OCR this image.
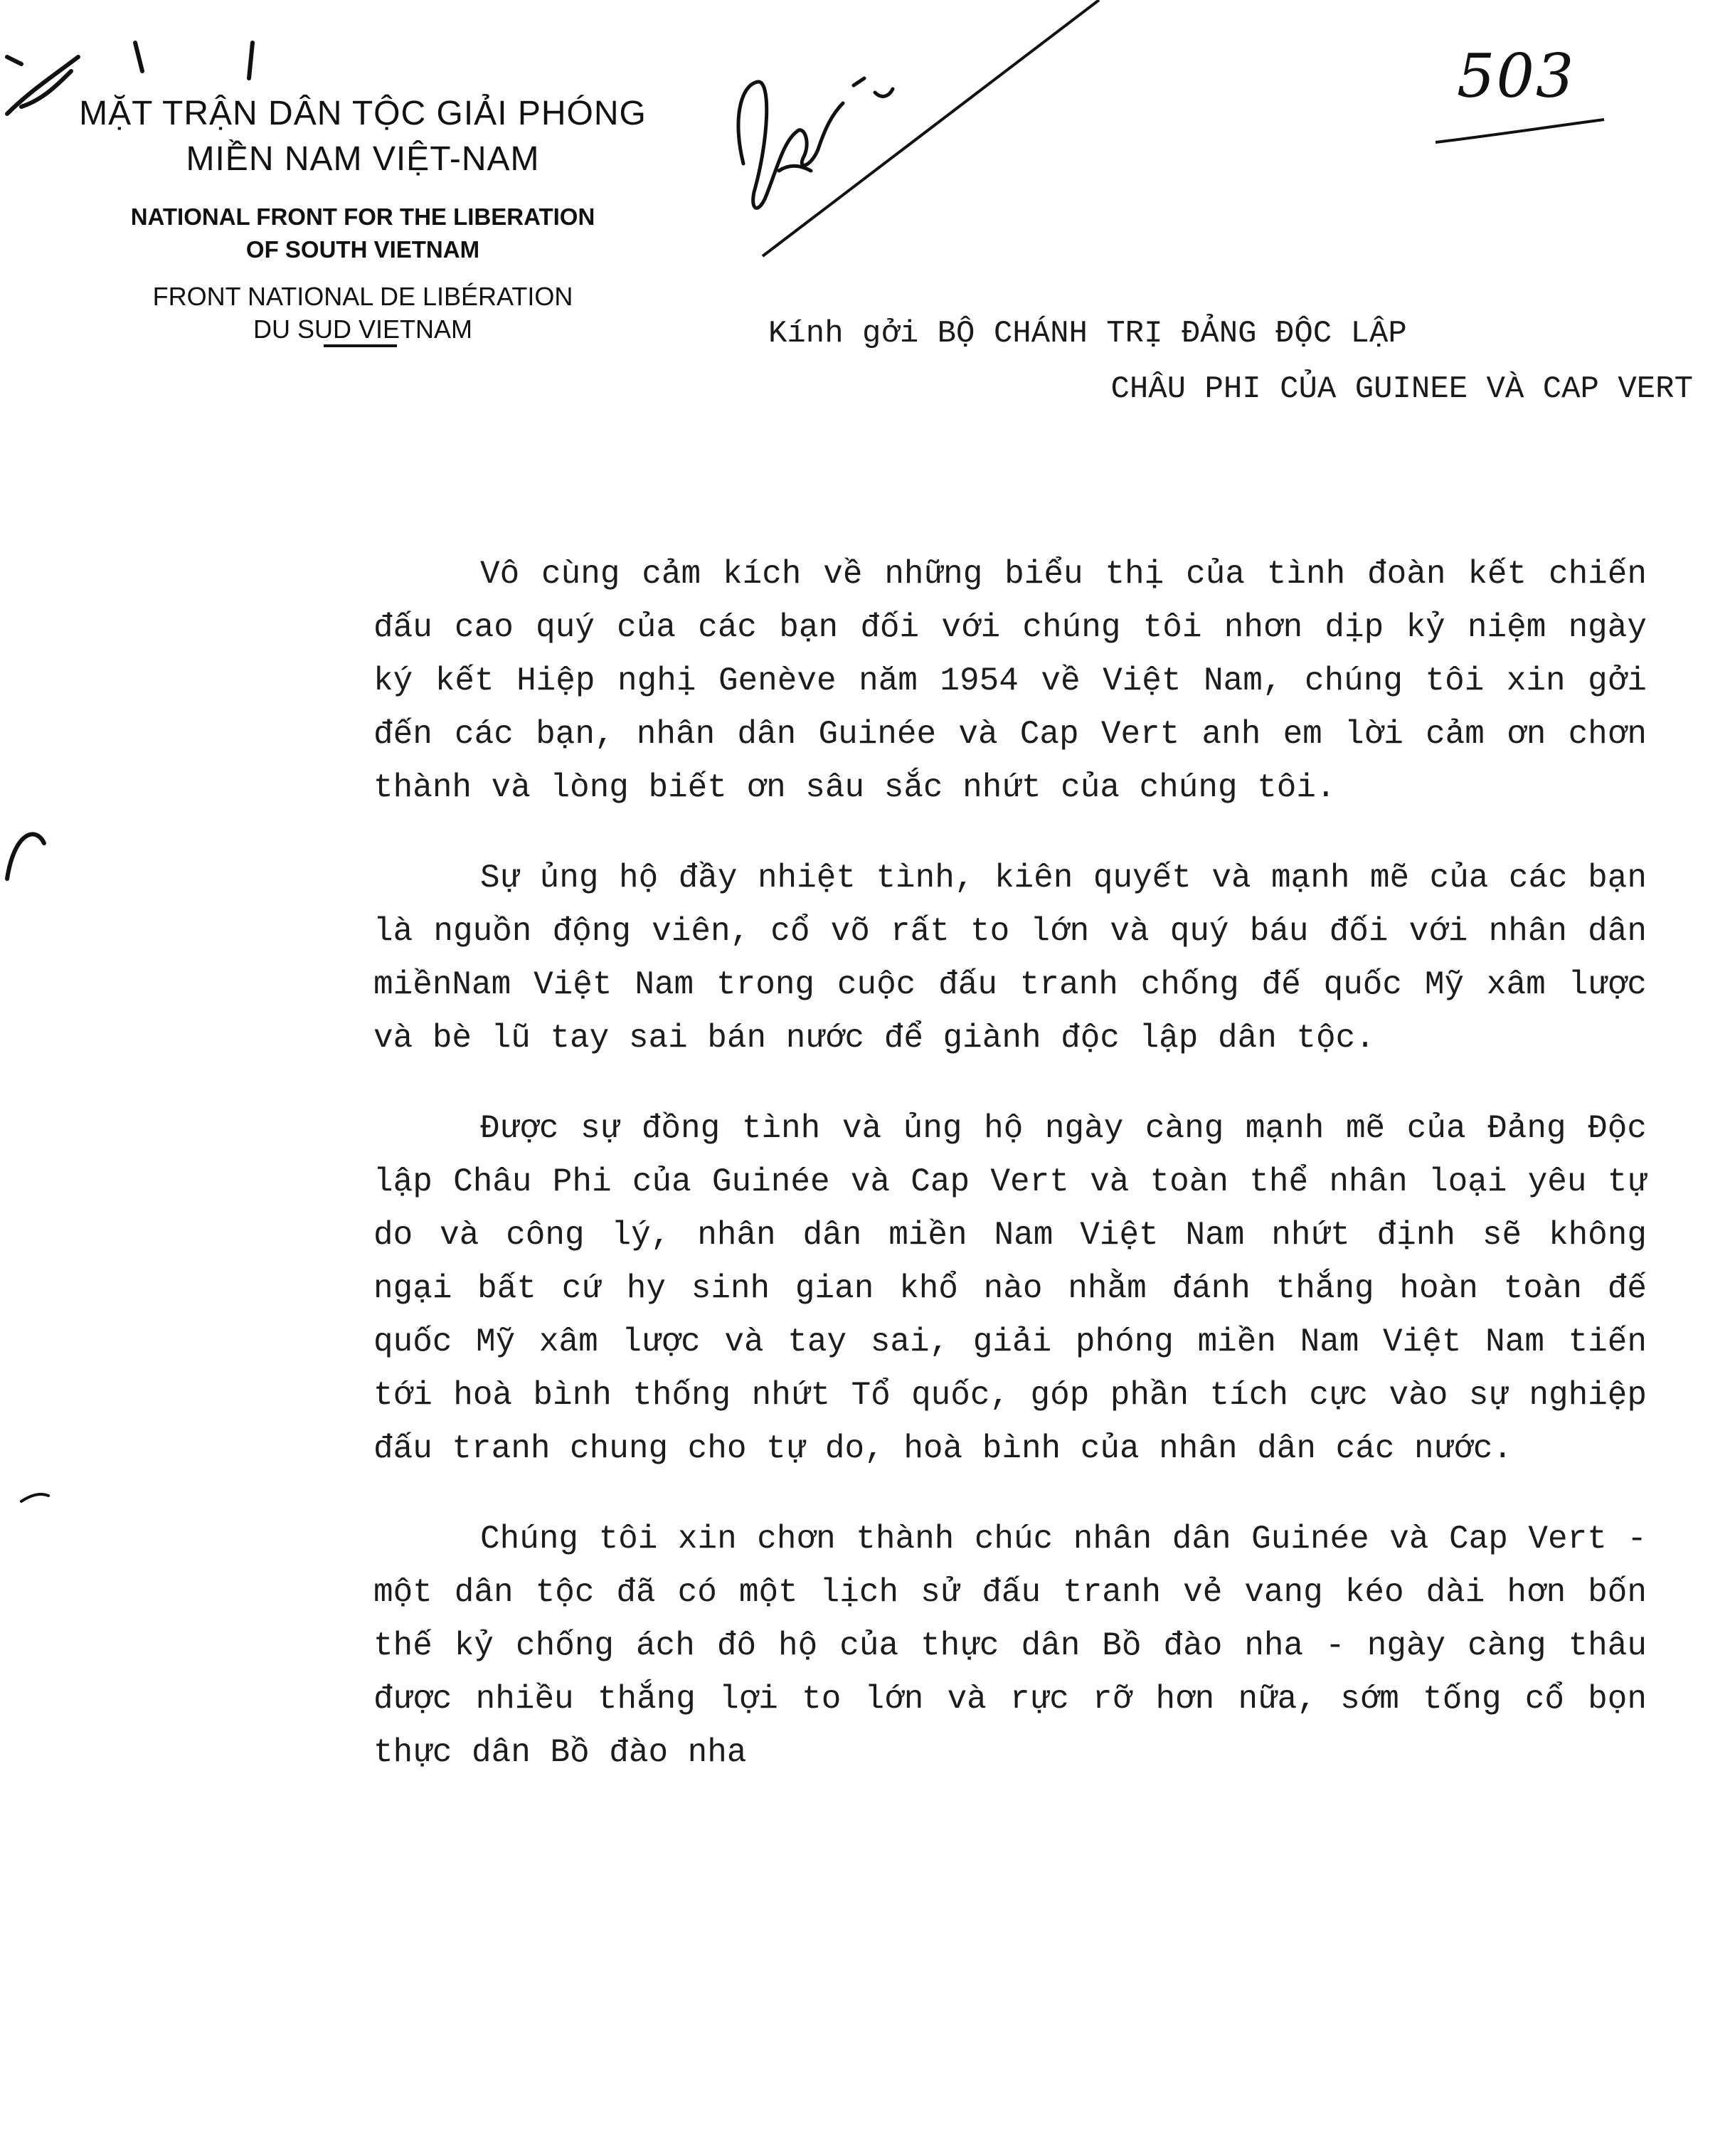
503
MẶT TRẬN DÂN TỘC GIẢI PHÓNG
MIỀN NAM VIỆT-NAM
NATIONAL FRONT FOR THE LIBERATION
OF SOUTH VIETNAM
FRONT NATIONAL DE LIBÉRATION
DU SUD VIETNAM	Kính gởi BỘ CHÁNH TRỊ ĐẢNG ĐỘC LẬP
CHÂU PHI CỦA GUINEE VÀ CAP VERT

Vô cùng cảm kích về những biểu thị của tình đoàn kết chiến đấu cao quý của các bạn đối với chúng tôi nhơn dịp kỷ niệm ngày ký kết Hiệp nghị Genève năm 1954 về Việt Nam, chúng tôi xin gởi đến các bạn, nhân dân Guinée và Cap Vert anh em lời cảm ơn chơn thành và lòng biết ơn sâu sắc nhứt của chúng tôi.

Sự ủng hộ đầy nhiệt tình, kiên quyết và mạnh mẽ của các bạn là nguồn động viên, cổ võ rất to lớn và quý báu đối với nhân dân miềnNam Việt Nam trong cuộc đấu tranh chống đế quốc Mỹ xâm lược và bè lũ tay sai bán nước để giành độc lập dân tộc.

Được sự đồng tình và ủng hộ ngày càng mạnh mẽ của Đảng Độc lập Châu Phi của Guinée và Cap Vert và toàn thể nhân loại yêu tự do và công lý, nhân dân miền Nam Việt Nam nhứt định sẽ không ngại bất cứ hy sinh gian khổ nào nhằm đánh thắng hoàn toàn đế quốc Mỹ xâm lược và tay sai, giải phóng miền Nam Việt Nam tiến tới hoà bình thống nhứt Tổ quốc, góp phần tích cực vào sự nghiệp đấu tranh chung cho tự do, hoà bình của nhân dân các nước.

Chúng tôi xin chơn thành chúc nhân dân Guinée và Cap Vert - một dân tộc đã có một lịch sử đấu tranh vẻ vang kéo dài hơn bốn thế kỷ chống ách đô hộ của thực dân Bồ đào nha - ngày càng thâu được nhiều thắng lợi to lớn và rực rỡ hơn nữa, sớm tống cổ bọn thực dân Bồ đào nha
